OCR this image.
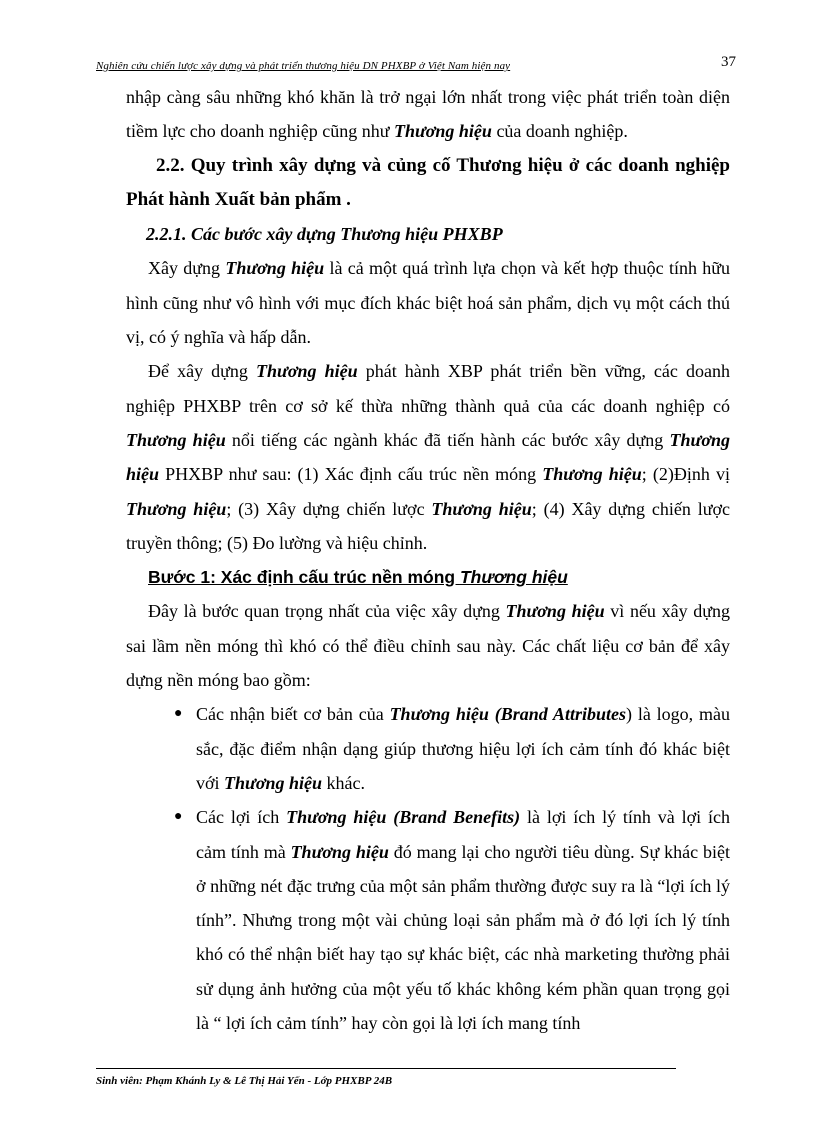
Nghiên cứu chiến lược xây dựng và phát triển thương hiệu DN PHXBP ở Việt Nam hiện nay	37

nhập càng sâu những khó khăn là trở ngại lớn nhất trong việc phát triển toàn diện tiềm lực cho doanh nghiệp cũng như Thương hiệu của doanh nghiệp.

2.2. Quy trình xây dựng và củng cố Thương hiệu ở các doanh nghiệp Phát hành Xuất bản phẩm .

2.2.1. Các bước xây dựng Thương hiệu PHXBP

Xây dựng Thương hiệu là cả một quá trình lựa chọn và kết hợp thuộc tính hữu hình cũng như vô hình với mục đích khác biệt hoá sản phẩm, dịch vụ một cách thú vị, có ý nghĩa và hấp dẫn.

Để xây dựng Thương hiệu phát hành XBP phát triển bền vững, các doanh nghiệp PHXBP trên cơ sở kế thừa những thành quả của các doanh nghiệp có Thương hiệu nổi tiếng các ngành khác đã tiến hành các bước xây dựng Thương hiệu PHXBP như sau: (1) Xác định cấu trúc nền móng Thương hiệu; (2)Định vị Thương hiệu; (3) Xây dựng chiến lược Thương hiệu; (4) Xây dựng chiến lược truyền thông; (5) Đo lường và hiệu chỉnh.

Bước 1: Xác định cấu trúc nền móng Thương hiệu

Đây là bước quan trọng nhất của việc xây dựng Thương hiệu vì nếu xây dựng sai lầm nền móng thì khó có thể điều chỉnh sau này. Các chất liệu cơ bản để xây dựng nền móng bao gồm:

● Các nhận biết cơ bản của Thương hiệu (Brand Attributes) là logo, màu sắc, đặc điểm nhận dạng giúp thương hiệu lợi ích cảm tính đó khác biệt với Thương hiệu khác.

● Các lợi ích Thương hiệu (Brand Benefits) là lợi ích lý tính và lợi ích cảm tính mà Thương hiệu đó mang lại cho người tiêu dùng. Sự khác biệt ở những nét đặc trưng của một sản phẩm thường được suy ra là “lợi ích lý tính”. Nhưng trong một vài chủng loại sản phẩm mà ở đó lợi ích lý tính khó có thể nhận biết hay tạo sự khác biệt, các nhà marketing thường phải sử dụng ảnh hưởng của một yếu tố khác không kém phần quan trọng gọi là “ lợi ích cảm tính” hay còn gọi là lợi ích mang tính

Sinh viên: Phạm Khánh Ly & Lê Thị Hải Yến - Lớp PHXBP 24B
